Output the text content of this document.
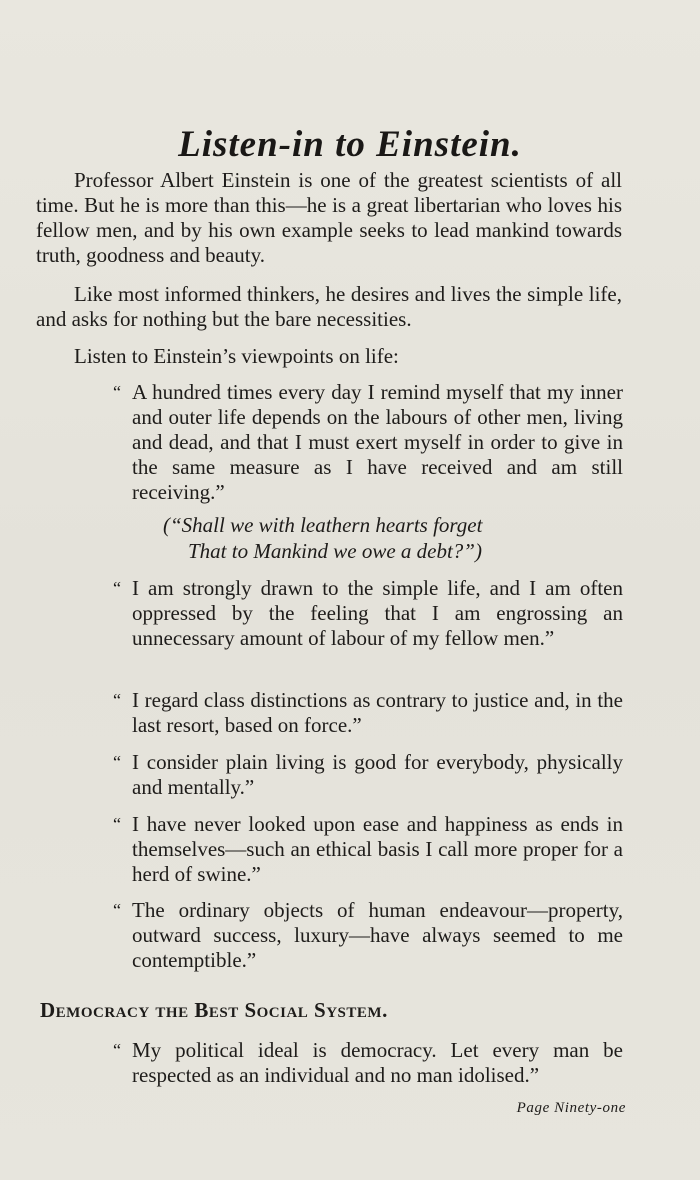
Listen-in to Einstein.

Professor Albert Einstein is one of the greatest scientists of all time. But he is more than this—he is a great libertarian who loves his fellow men, and by his own example seeks to lead mankind towards truth, goodness and beauty.

Like most informed thinkers, he desires and lives the simple life, and asks for nothing but the bare necessities.

Listen to Einstein’s viewpoints on life:

“ A hundred times every day I remind myself that my inner and outer life depends on the labours of other men, living and dead, and that I must exert myself in order to give in the same measure as I have received and am still receiving.”

(“Shall we with leathern hearts forget

That to Mankind we owe a debt?”)

“ I am strongly drawn to the simple life, and I am often oppressed by the feeling that I am engrossing an unnecessary amount of labour of my fellow men.”
“ I regard class distinctions as contrary to justice and, in the last resort, based on force.”
“ I consider plain living is good for everybody, physically and mentally.”
“ I have never looked upon ease and happiness as ends in themselves—such an ethical basis I call more proper for a herd of swine.”
“ The ordinary objects of human endeavour—property, outward success, luxury—have always seemed to me contemptible.”
Democracy the Best Social System.
“ My political ideal is democracy. Let every man be respected as an individual and no man idolised.”

Page Ninety-one
